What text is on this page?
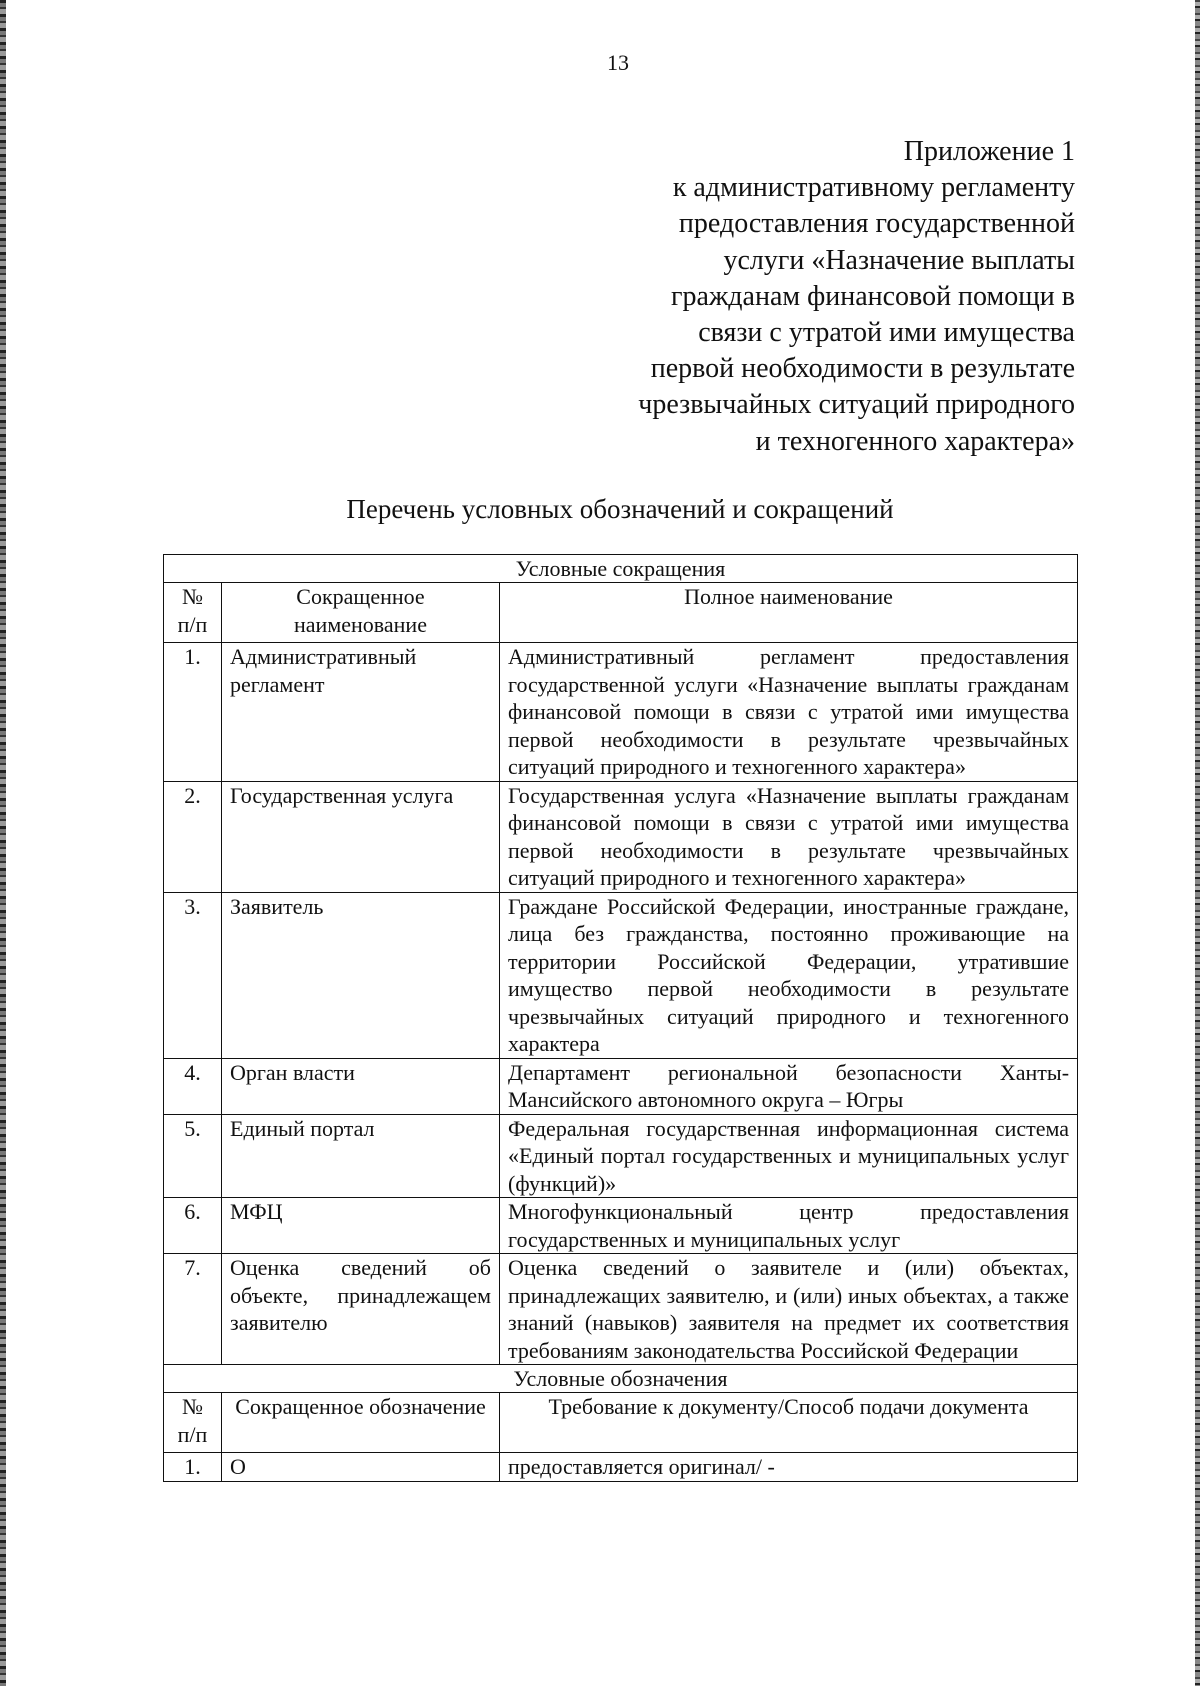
13
Приложение 1
к административному регламенту
предоставления государственной
услуги «Назначение выплаты
гражданам финансовой помощи в
связи с утратой ими имущества
первой необходимости в результате
чрезвычайных ситуаций природного
и техногенного характера»
Перечень условных обозначений и сокращений
Условные сокращения		
№ п/п	Сокращенное наименование	Полное наименование
1.	Административный регламент	Административный регламент предоставления государственной услуги «Назначение выплаты гражданам финансовой помощи в связи с утратой ими имущества первой необходимости в результате чрезвычайных ситуаций природного и техногенного характера»
2.	Государственная услуга	Государственная услуга «Назначение выплаты гражданам финансовой помощи в связи с утратой ими имущества первой необходимости в результате чрезвычайных ситуаций природного и техногенного характера»
3.	Заявитель	Граждане Российской Федерации, иностранные граждане, лица без гражданства, постоянно проживающие на территории Российской Федерации, утратившие имущество первой необходимости в результате чрезвычайных ситуаций природного и техногенного характера
4.	Орган власти	Департамент региональной безопасности Ханты-Мансийского автономного округа – Югры
5.	Единый портал	Федеральная государственная информационная система «Единый портал государственных и муниципальных услуг (функций)»
6.	МФЦ	Многофункциональный центр предоставления государственных и муниципальных услуг
7.	Оценка сведений об объекте, принадлежащем заявителю	Оценка сведений о заявителе и (или) объектах, принадлежащих заявителю, и (или) иных объектах, а также знаний (навыков) заявителя на предмет их соответствия требованиям законодательства Российской Федерации
Условные обозначения		
№ п/п	Сокращенное обозначение	Требование к документу/Способ подачи документа
1.	О	предоставляется оригинал/ -
